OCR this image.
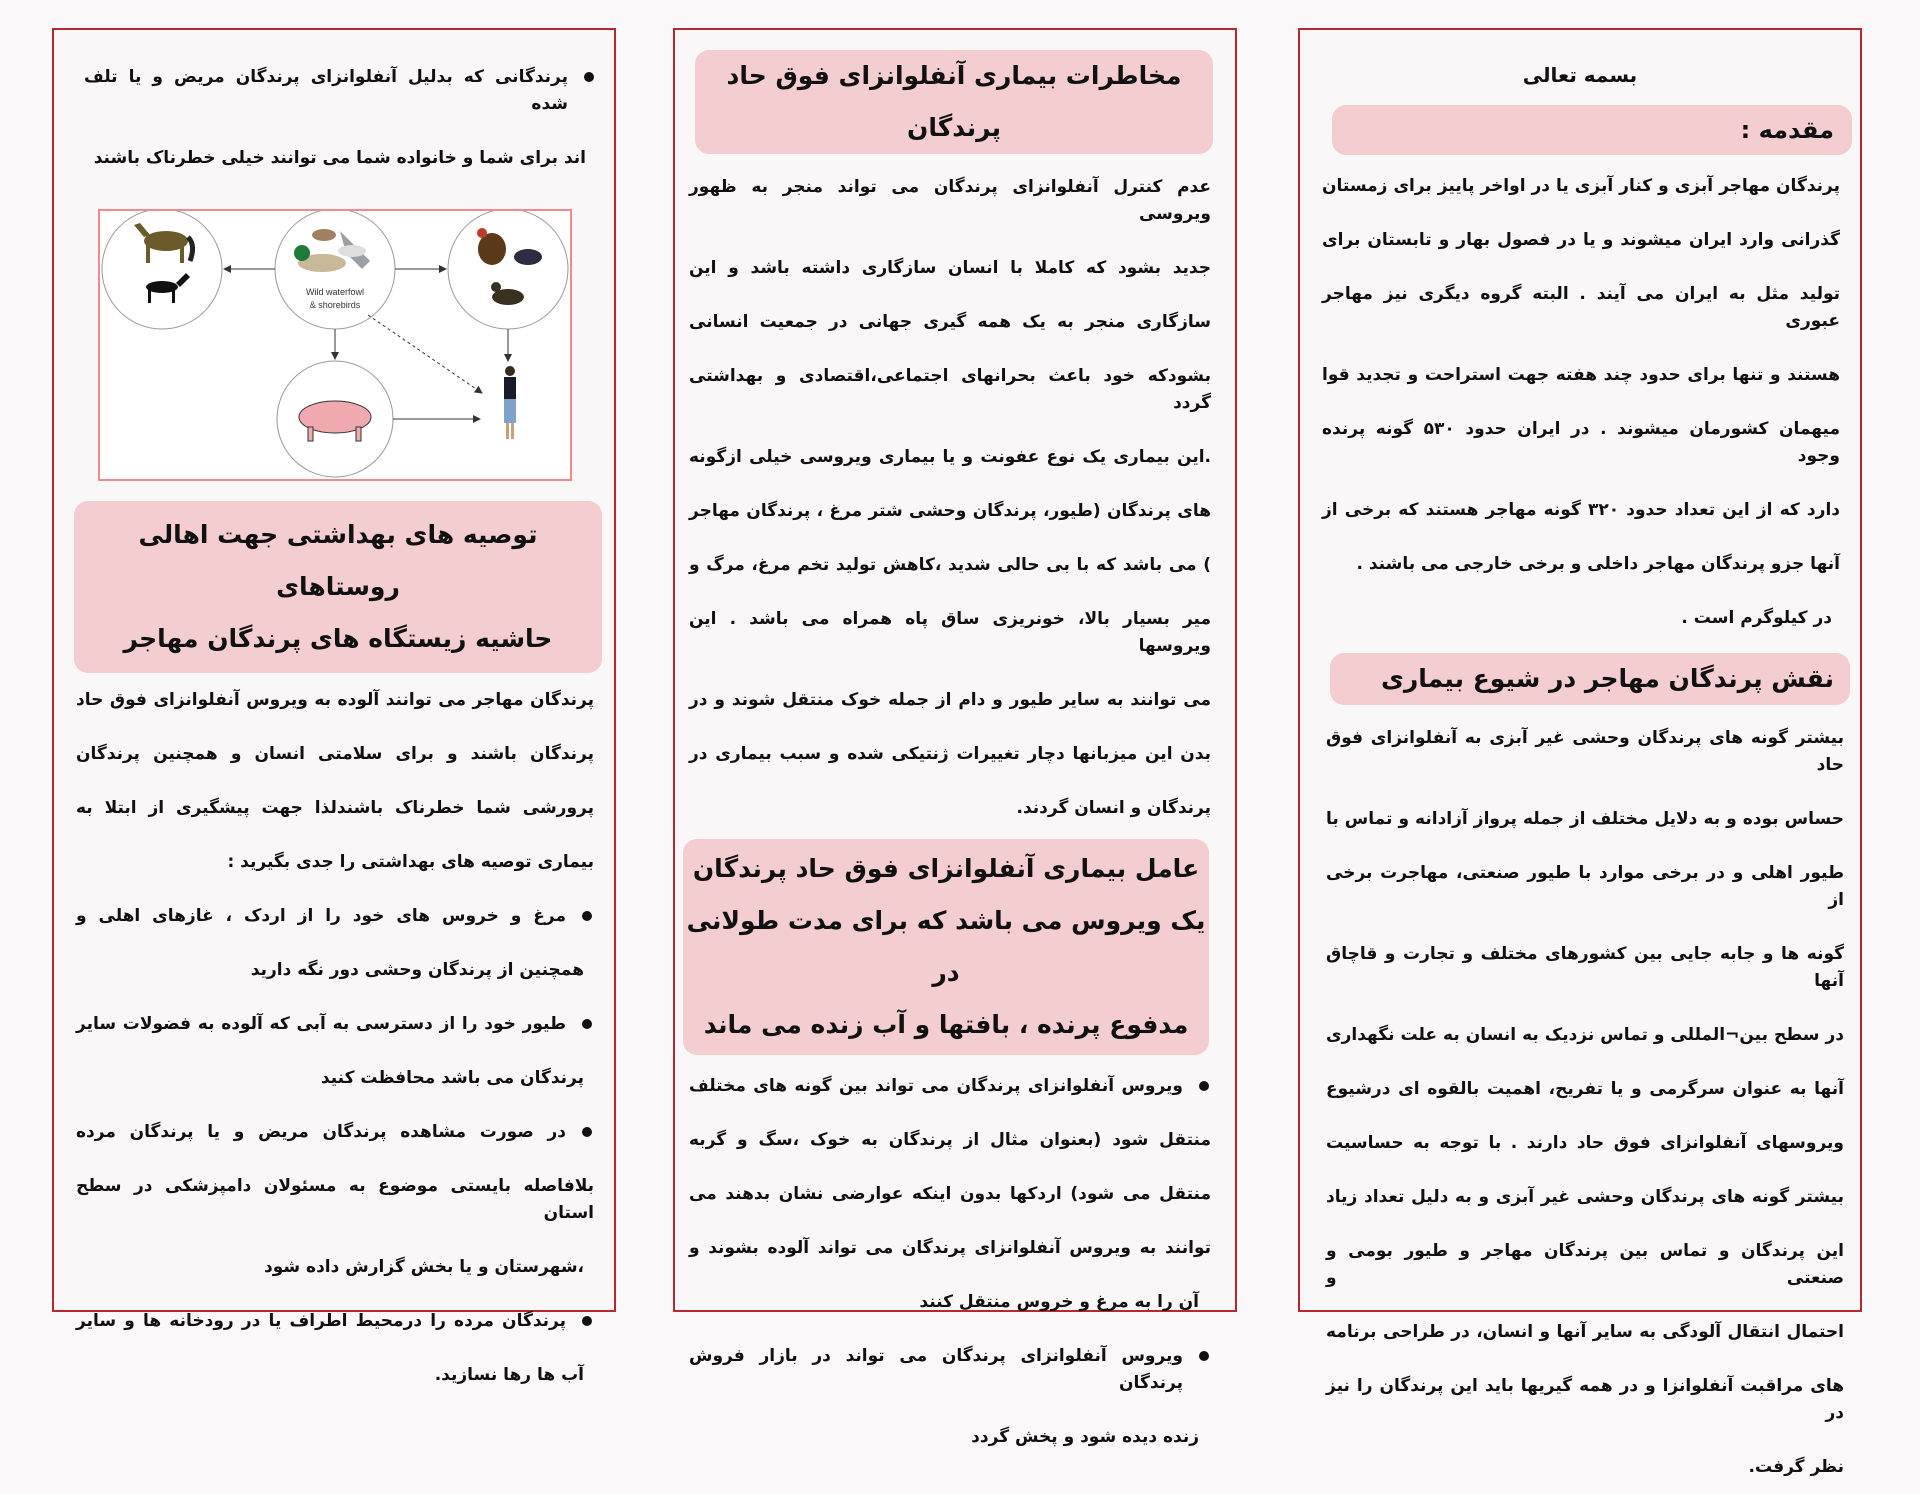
بسمه تعالی
مقدمه :
پرندگان مهاجر آبزی و کنار آبزی یا در اواخر پاییز برای زمستان
گذرانی وارد ایران میشوند و یا در فصول بهار و تابستان برای
تولید مثل به ایران می آیند . البته گروه دیگری نیز مهاجر عبوری
هستند و تنها برای حدود چند هفته جهت استراحت و تجدید قوا
میهمان کشورمان میشوند . در ایران حدود ۵۳۰ گونه پرنده وجود
دارد که از این تعداد حدود ۳۲۰ گونه مهاجر هستند که برخی از
آنها جزو پرندگان مهاجر داخلی و برخی خارجی می باشند .
در کیلوگرم است .
نقش پرندگان مهاجر در شیوع بیماری
بیشتر گونه های پرندگان وحشی غیر آبزی به آنفلوانزای فوق حاد
حساس بوده و به دلایل مختلف از جمله پرواز آزادانه و تماس با
طیور اهلی و در برخی موارد با طیور صنعتی، مهاجرت برخی از
گونه ها و جابه جایی بین کشورهای مختلف و تجارت و قاچاق آنها
در سطح بین¬المللی و تماس نزدیک به انسان به علت نگهداری
آنها به عنوان سرگرمی و یا تفریح، اهمیت بالقوه ای درشیوع
ویروسهای آنفلوانزای فوق حاد دارند . با توجه به حساسیت
بیشتر گونه های پرندگان وحشی غیر آبزی و به دلیل تعداد زیاد
این پرندگان و تماس بین پرندگان مهاجر و طیور بومی و صنعتی و
احتمال انتقال آلودگی به سایر آنها و انسان، در طراحی برنامه
های مراقبت آنفلوانزا و در همه گیریها باید این پرندگان را نیز در
نظر گرفت.
مخاطرات بیماری آنفلوانزای فوق حاد پرندگان
عدم کنترل آنفلوانزای پرندگان می تواند منجر به ظهور ویروسی
جدید بشود که کاملا با انسان سازگاری داشته باشد و این
سازگاری منجر به یک همه گیری جهانی در جمعیت انسانی
بشودکه خود باعث بحرانهای اجتماعی،اقتصادی و بهداشتی گردد
.این بیماری یک نوع عفونت و یا بیماری ویروسی خیلی ازگونه
های پرندگان (طیور، پرندگان وحشی شتر مرغ ، پرندگان مهاجر
) می باشد که با بی حالی شدید ،کاهش تولید تخم مرغ، مرگ و
میر بسیار بالا، خونریزی ساق پاه همراه می باشد . این ویروسها
می توانند به سایر طیور و دام از جمله خوک منتقل شوند و در
بدن این میزبانها دچار تغییرات ژنتیکی شده و سبب بیماری در
پرندگان و انسان گردند.
عامل بیماری آنفلوانزای فوق حاد پرندگان
یک ویروس می باشد که برای مدت طولانی در
مدفوع پرنده ، بافتها و آب زنده می ماند
ویروس آنفلوانزای پرندگان می تواند بین گونه های مختلف
منتقل شود (بعنوان مثال از پرندگان به خوک ،سگ و گربه
منتقل می شود) اردکها بدون اینکه عوارضی نشان بدهند می
توانند به ویروس آنفلوانزای پرندگان می تواند آلوده بشوند و
آن را به مرغ و خروس منتقل کنند
ویروس آنفلوانزای پرندگان می تواند در بازار فروش پرندگان
زنده دیده شود و پخش گردد
پرندگانی که بدلیل آنفلوانزای پرندگان مریض و یا تلف شده
اند برای شما و خانواده شما می توانند خیلی خطرناک باشند
Wild waterfowl
& shorebirds
توصیه های بهداشتی جهت اهالی روستاهای
حاشیه زیستگاه های پرندگان مهاجر
پرندگان مهاجر می توانند آلوده به ویروس آنفلوانزای فوق حاد
پرندگان باشند و برای سلامتی انسان و همچنین پرندگان
پرورشی شما خطرناک باشندلذا جهت پیشگیری از ابتلا به
بیماری توصیه های بهداشتی را جدی بگیرید :
مرغ و خروس های خود را از اردک ، غازهای اهلی و
همچنین از پرندگان وحشی دور نگه دارید
طیور خود را از دسترسی به آبی که آلوده به فضولات سایر
پرندگان می باشد محافظت کنید
در صورت مشاهده پرندگان مریض و یا پرندگان مرده
بلافاصله بایستی موضوع به مسئولان دامپزشکی در سطح استان
،شهرستان و یا بخش گزارش داده شود
پرندگان مرده را درمحیط اطراف یا در رودخانه ها و سایر
آب ها رها نسازید.
